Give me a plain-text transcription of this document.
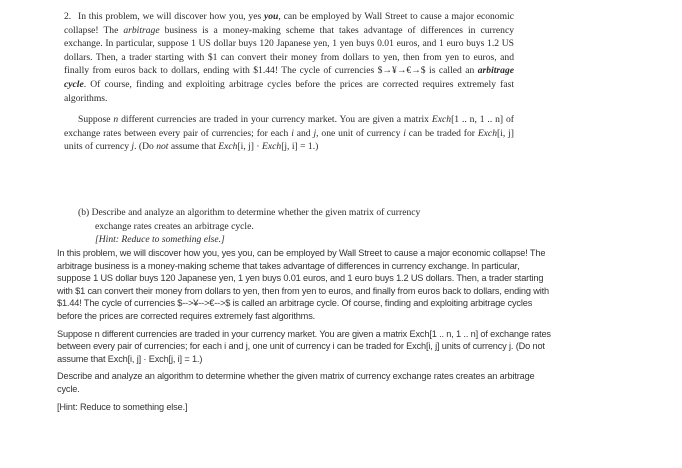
2. In this problem, we will discover how you, yes you, can be employed by Wall Street to cause a major economic collapse! The arbitrage business is a money-making scheme that takes advantage of differences in currency exchange. In particular, suppose 1 US dollar buys 120 Japanese yen, 1 yen buys 0.01 euros, and 1 euro buys 1.2 US dollars. Then, a trader starting with $1 can convert their money from dollars to yen, then from yen to euros, and finally from euros back to dollars, ending with $1.44! The cycle of currencies $→¥→€→$ is called an arbitrage cycle. Of course, finding and exploiting arbitrage cycles before the prices are corrected requires extremely fast algorithms.

Suppose n different currencies are traded in your currency market. You are given a matrix Exch[1 .. n, 1 .. n] of exchange rates between every pair of currencies; for each i and j, one unit of currency i can be traded for Exch[i, j] units of currency j. (Do not assume that Exch[i, j] · Exch[j, i] = 1.)

(b) Describe and analyze an algorithm to determine whether the given matrix of currency

exchange rates creates an arbitrage cycle.

[Hint: Reduce to something else.]

In this problem, we will discover how you, yes you, can be employed by Wall Street to cause a major economic collapse! The arbitrage business is a money-making scheme that takes advantage of differences in currency exchange. In particular, suppose 1 US dollar buys 120 Japanese yen, 1 yen buys 0.01 euros, and 1 euro buys 1.2 US dollars. Then, a trader starting with $1 can convert their money from dollars to yen, then from yen to euros, and finally from euros back to dollars, ending with $1.44! The cycle of currencies $-->¥-->€-->$ is called an arbitrage cycle. Of course, finding and exploiting arbitrage cycles before the prices are corrected requires extremely fast algorithms.

Suppose n different currencies are traded in your currency market. You are given a matrix Exch[1 .. n, 1 .. n] of exchange rates between every pair of currencies; for each i and j, one unit of currency i can be traded for Exch[i, j] units of currency j. (Do not assume that Exch[i, j] · Exch[j, i] = 1.)

Describe and analyze an algorithm to determine whether the given matrix of currency exchange rates creates an arbitrage cycle.

[Hint: Reduce to something else.]
